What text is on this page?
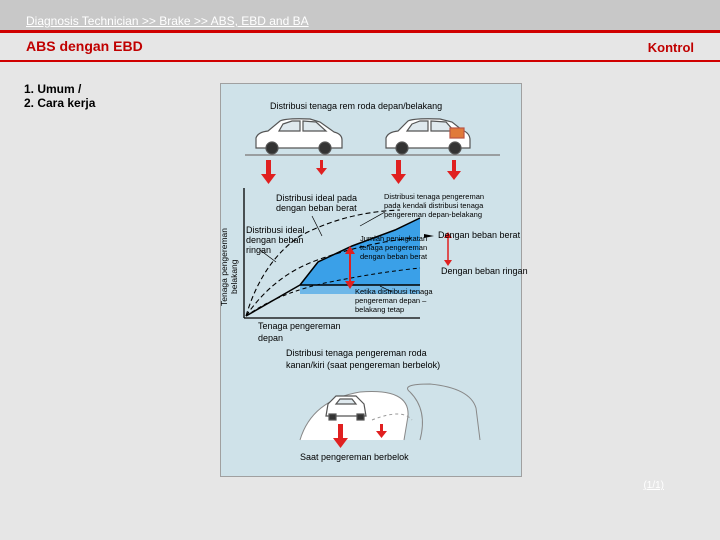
Diagnosis Technician >> Brake >> ABS, EBD and BA
ABS dengan EBD	Kontrol
1. Umum /
2. Cara kerja	Distribusi tenaga rem roda depan/belakang
Tenaga pengereman belakang
Distribusi ideal pada
dengan beban berat
Distribusi ideal
dengan beban
ringan
Distribusi tenaga pengereman
pada kendali distribusi tenaga
pengereman depan-belakang
Jumlah peningkatan
tenaga pengereman
dengan beban berat
Dengan beban berat
Dengan beban ringan
Ketika distribusi tenaga
pengereman depan –
belakang tetap
Tenaga pengereman
depan
Distribusi tenaga pengereman roda
kanan/kiri (saat pengereman berbelok)
Saat pengereman berbelok
(1/1)
